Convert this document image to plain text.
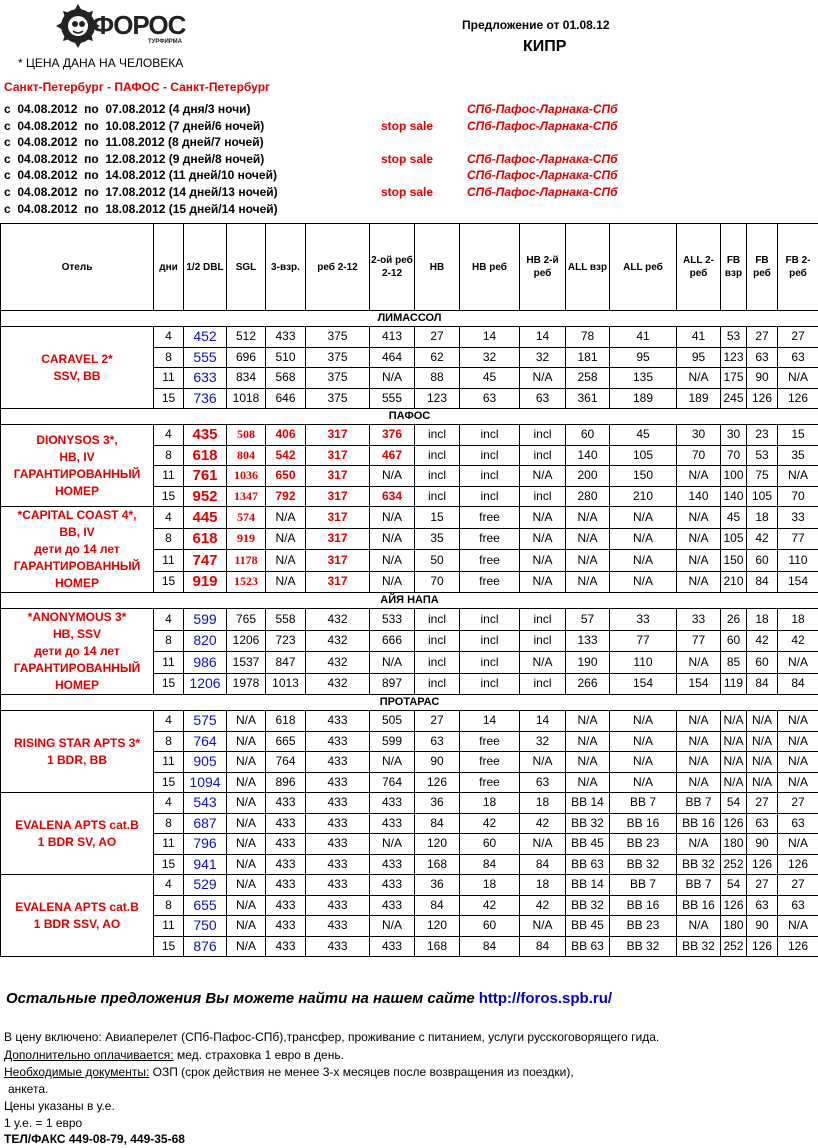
ФОРОС
ТУРФИРМА
Предложение от 01.08.12
КИПР
* ЦЕНА ДАНА НА ЧЕЛОВЕКА
Санкт-Петербург - ПАФОС - Санкт-Петербург
с  04.08.2012  по  07.08.2012 (4 дня/3 ночи)	СПб-Пафос-Ларнака-СПб
с  04.08.2012  по  10.08.2012 (7 дней/6 ночей)	stop sale	СПб-Пафос-Ларнака-СПб
с  04.08.2012  по  11.08.2012 (8 дней/7 ночей)
с  04.08.2012  по  12.08.2012 (9 дней/8 ночей)	stop sale	СПб-Пафос-Ларнака-СПб
с  04.08.2012  по  14.08.2012 (11 дней/10 ночей)	СПб-Пафос-Ларнака-СПб
с  04.08.2012  по  17.08.2012 (14 дней/13 ночей)	stop sale	СПб-Пафос-Ларнака-СПб
с  04.08.2012  по  18.08.2012 (15 дней/14 ночей)
Отель	дни	1/2 DBL	SGL	3-взр.	реб 2-12	2-ой реб 2-12	HB	HB реб	HB 2-й реб	ALL взр	ALL реб	ALL 2-реб	FB взр	FB реб	FB 2-реб
ЛИМАССОЛ															
CARAVEL 2*
SSV, BB	4	452	512	433	375	413	27	14	14	78	41	41	53	27	27
	8	555	696	510	375	464	62	32	32	181	95	95	123	63	63
	11	633	834	568	375	N/A	88	45	N/A	258	135	N/A	175	90	N/A
	15	736	1018	646	375	555	123	63	63	361	189	189	245	126	126
ПАФОС															
DIONYSOS 3*,
HB, IV
ГАРАНТИРОВАННЫЙ
НОМЕР	4	435	508	406	317	376	incl	incl	incl	60	45	30	30	23	15
	8	618	804	542	317	467	incl	incl	incl	140	105	70	70	53	35
	11	761	1036	650	317	N/A	incl	incl	N/A	200	150	N/A	100	75	N/A
	15	952	1347	792	317	634	incl	incl	incl	280	210	140	140	105	70
*CAPITAL COAST 4*,
BB, IV
дети до 14 лет
ГАРАНТИРОВАННЫЙ
НОМЕР	4	445	574	N/A	317	N/A	15	free	N/A	N/A	N/A	N/A	45	18	33
	8	618	919	N/A	317	N/A	35	free	N/A	N/A	N/A	N/A	105	42	77
	11	747	1178	N/A	317	N/A	50	free	N/A	N/A	N/A	N/A	150	60	110
	15	919	1523	N/A	317	N/A	70	free	N/A	N/A	N/A	N/A	210	84	154
АЙЯ НАПА															
*ANONYMOUS 3*
HB, SSV
дети до 14 лет
ГАРАНТИРОВАННЫЙ
НОМЕР	4	599	765	558	432	533	incl	incl	incl	57	33	33	26	18	18
	8	820	1206	723	432	666	incl	incl	incl	133	77	77	60	42	42
	11	986	1537	847	432	N/A	incl	incl	N/A	190	110	N/A	85	60	N/A
	15	1206	1978	1013	432	897	incl	incl	incl	266	154	154	119	84	84
ПРОТАРАС															
RISING STAR APTS 3*
1 BDR, BB	4	575	N/A	618	433	505	27	14	14	N/A	N/A	N/A	N/A	N/A	N/A
	8	764	N/A	665	433	599	63	free	32	N/A	N/A	N/A	N/A	N/A	N/A
	11	905	N/A	764	433	N/A	90	free	N/A	N/A	N/A	N/A	N/A	N/A	N/A
	15	1094	N/A	896	433	764	126	free	63	N/A	N/A	N/A	N/A	N/A	N/A
EVALENA APTS cat.B
1 BDR SV, AO	4	543	N/A	433	433	433	36	18	18	BB 14	BB 7	BB 7	54	27	27
	8	687	N/A	433	433	433	84	42	42	BB 32	BB 16	BB 16	126	63	63
	11	796	N/A	433	433	N/A	120	60	N/A	BB 45	BB 23	N/A	180	90	N/A
	15	941	N/A	433	433	433	168	84	84	BB 63	BB 32	BB 32	252	126	126
EVALENA APTS cat.B
1 BDR SSV, AO	4	529	N/A	433	433	433	36	18	18	BB 14	BB 7	BB 7	54	27	27
	8	655	N/A	433	433	433	84	42	42	BB 32	BB 16	BB 16	126	63	63
	11	750	N/A	433	433	N/A	120	60	N/A	BB 45	BB 23	N/A	180	90	N/A
	15	876	N/A	433	433	433	168	84	84	BB 63	BB 32	BB 32	252	126	126
Остальные предложения Вы можете найти на нашем сайте http://foros.spb.ru/
В цену включено: Авиаперелет (СПб-Пафос-СПб),трансфер, проживание с питанием, услуги русскоговорящего гида.
Дополнительно оплачивается: мед. страховка 1 евро в день.
Необходимые документы: ОЗП (срок действия не менее 3-х месяцев после возвращения из поездки),
анкета.
Цены указаны в у.е.
1 у.е. = 1 евро
ТЕЛ/ФАКС 449-08-79, 449-35-68
